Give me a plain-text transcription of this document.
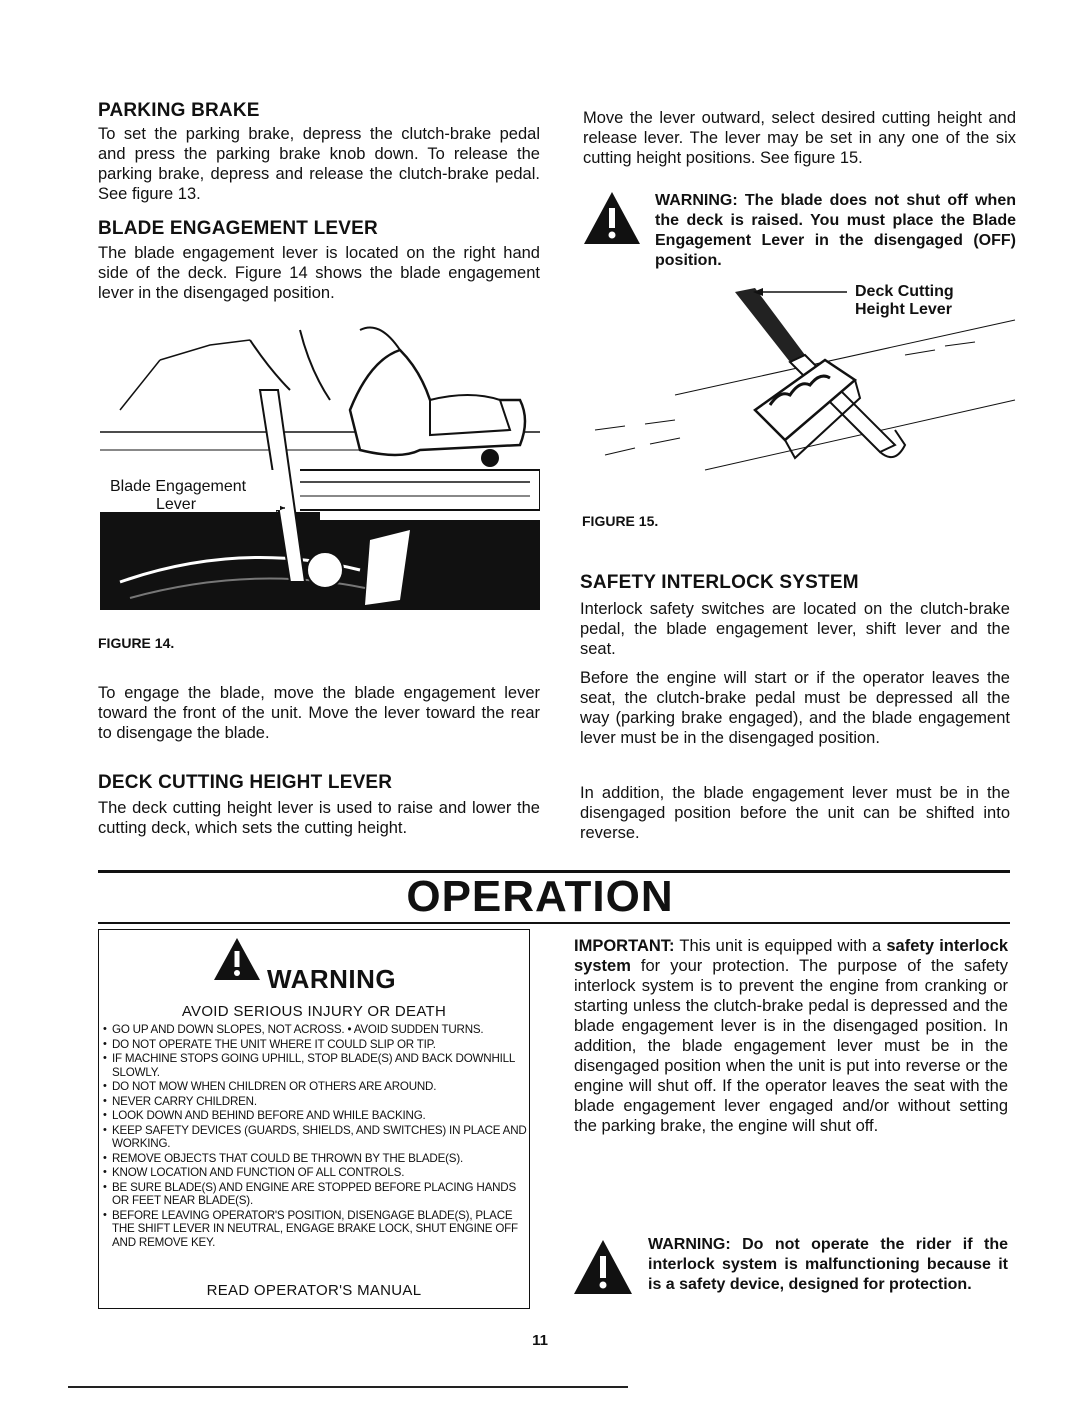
PARKING BRAKE

To set the parking brake, depress the clutch-brake pedal and press the parking brake knob down. To release the parking brake, depress and release the clutch-brake pedal. See figure 13.

BLADE ENGAGEMENT LEVER

The blade engagement lever is located on the right hand side of the deck. Figure 14 shows the blade engagement lever in the disengaged position.

Blade Engagement
Lever
FIGURE 14.

To engage the blade, move the blade engagement lever toward the front of the unit. Move the lever toward the rear to disengage the blade.

DECK CUTTING HEIGHT LEVER

The deck cutting height lever is used to raise and lower the cutting deck, which sets the cutting height.

Move the lever outward, select desired cutting height and release lever. The lever may be set in any one of the six cutting height positions. See figure 15.

WARNING: The blade does not shut off when the deck is raised. You must place the Blade Engagement Lever in the disengaged (OFF) position.

Deck Cutting
Height Lever
FIGURE 15.
SAFETY INTERLOCK SYSTEM

Interlock safety switches are located on the clutch-brake pedal, the blade engagement lever, shift lever and the seat.

Before the engine will start or if the operator leaves the seat, the clutch-brake pedal must be depressed all the way (parking brake engaged), and the blade engagement lever must be in the disengaged position.

In addition, the blade engagement lever must be in the disengaged position before the unit can be shifted into reverse.

OPERATION
WARNING
AVOID SERIOUS INJURY OR DEATH
• GO UP AND DOWN SLOPES, NOT ACROSS. • AVOID SUDDEN TURNS.
• DO NOT OPERATE THE UNIT WHERE IT COULD SLIP OR TIP.
• IF MACHINE STOPS GOING UPHILL, STOP BLADE(S) AND BACK DOWNHILL SLOWLY.
• DO NOT MOW WHEN CHILDREN OR OTHERS ARE AROUND.
• NEVER CARRY CHILDREN.
• LOOK DOWN AND BEHIND BEFORE AND WHILE BACKING.
• KEEP SAFETY DEVICES (GUARDS, SHIELDS, AND SWITCHES) IN PLACE AND WORKING.
• REMOVE OBJECTS THAT COULD BE THROWN BY THE BLADE(S).
• KNOW LOCATION AND FUNCTION OF ALL CONTROLS.
• BE SURE BLADE(S) AND ENGINE ARE STOPPED BEFORE PLACING HANDS OR FEET NEAR BLADE(S).
• BEFORE LEAVING OPERATOR'S POSITION, DISENGAGE BLADE(S), PLACE THE SHIFT LEVER IN NEUTRAL, ENGAGE BRAKE LOCK, SHUT ENGINE OFF AND REMOVE KEY.
READ OPERATOR'S MANUAL

IMPORTANT: This unit is equipped with a safety interlock system for your protection. The purpose of the safety interlock system is to prevent the engine from cranking or starting unless the clutch-brake pedal is depressed and the blade engagement lever is in the disengaged position. In addition, the blade engagement lever must be in the disengaged position when the unit is put into reverse or the engine will shut off. If the operator leaves the seat with the blade engagement lever engaged and/or without setting the parking brake, the engine will shut off.

WARNING: Do not operate the rider if the interlock system is malfunctioning because it is a safety device, designed for protection.

11
